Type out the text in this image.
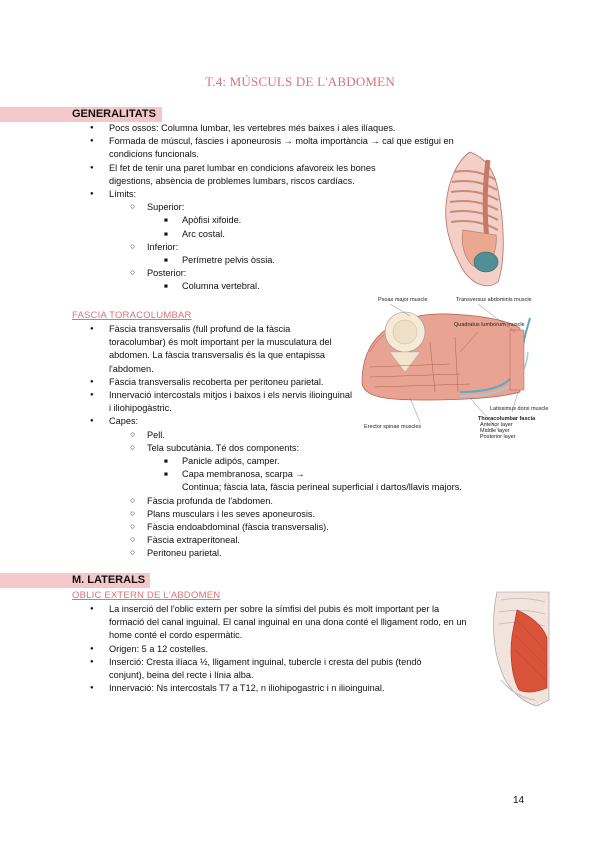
T.4: MÚSCULS DE L'ABDOMEN
GENERALITATS
● Pocs ossos: Columna lumbar, les vertebres més baixes i ales ilíaques.
● Formada de múscul, fàscies i aponeurosis → molta importància → cal que estigui en condicions funcionals.
● El fet de tenir una paret lumbar en condicions afavoreix les bones digestions, absència de problemes lumbars, riscos cardíacs.
● Límits:
○ Superior:
■ Apòfisi xifoide.
■ Arc costal.
○ Inferior:
■ Perímetre pelvis òssia.
○ Posterior:
■ Columna vertebral.
FASCIA TORACOLUMBAR
● Fàscia transversalis (full profund de la fàscia toracolumbar) és molt important per la musculatura del abdomen. La fàscia transversalis és la que entapissa l'abdomen.
● Fàscia transversalis recoberta per peritoneu parietal.
● Innervació intercostals mitjos i baixos i els nervis ilioinguinal i iliohipogàstric.
● Capes:
○ Pell.
○ Tela subcutània. Té dos components:
■ Panicle adipós, camper.
■ Capa membranosa, scarpa →
Continua; fàscia lata, fàscia perineal superficial i dartos/llavis majors.
○ Fàscia profunda de l'abdomen.
○ Plans musculars i les seves aponeurosis.
○ Fàscia endoabdominal (fàscia transversalis).
○ Fàscia extraperitoneal.
○ Peritoneu parietal.
Psoas major muscle	Transversus abdominis muscle
Quadratus lumborum muscle
Latissimus dorsi muscle
Erector spinae muscles
Thoracolumbar fascia
Anterior layer
Middle layer
Posterior layer
M. LATERALS
OBLIC EXTERN DE L'ABDOMEN
● La inserció del l'oblic extern per sobre la símfisi del pubis és molt important per la formació del canal inguinal. El canal inguinal en una dona conté el lligament rodo, en un home conté el cordo espermàtic.
● Origen: 5 a 12 costelles.
● Inserció: Cresta ilíaca ½, lligament inguinal, tubercle i cresta del pubis (tendó conjunt), beina del recte i línia alba.
● Innervació: Ns intercostals T7 a T12, n iliohipogastric i n ilioinguinal.
14
